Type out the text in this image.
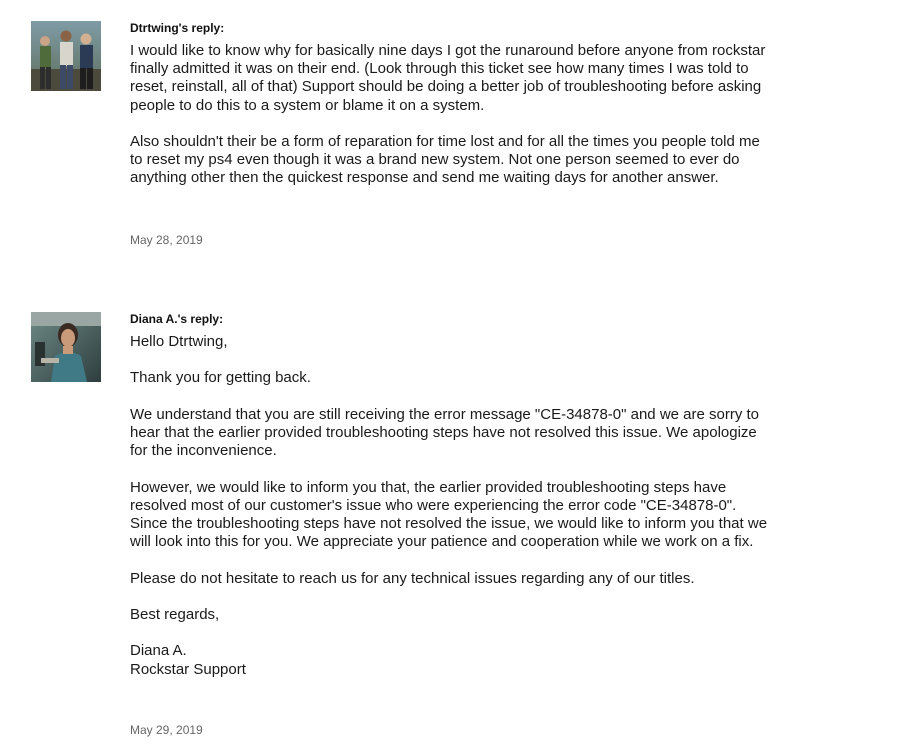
Dtrtwing's reply:

I would like to know why for basically nine days I got the runaround before anyone from rockstar
finally admitted it was on their end. (Look through this ticket see how many times I was told to
reset, reinstall, all of that) Support should be doing a better job of troubleshooting before asking
people to do this to a system or blame it on a system.

Also shouldn't their be a form of reparation for time lost and for all the times you people told me
to reset my ps4 even though it was a brand new system. Not one person seemed to ever do
anything other then the quickest response and send me waiting days for another answer.

May 28, 2019
Diana A.'s reply:

Hello Dtrtwing,

Thank you for getting back.

We understand that you are still receiving the error message "CE-34878-0" and we are sorry to
hear that the earlier provided troubleshooting steps have not resolved this issue. We apologize
for the inconvenience.

However, we would like to inform you that, the earlier provided troubleshooting steps have
resolved most of our customer's issue who were experiencing the error code "CE-34878-0".
Since the troubleshooting steps have not resolved the issue, we would like to inform you that we
will look into this for you. We appreciate your patience and cooperation while we work on a fix.

Please do not hesitate to reach us for any technical issues regarding any of our titles.

Best regards,

Diana A.
Rockstar Support

May 29, 2019
